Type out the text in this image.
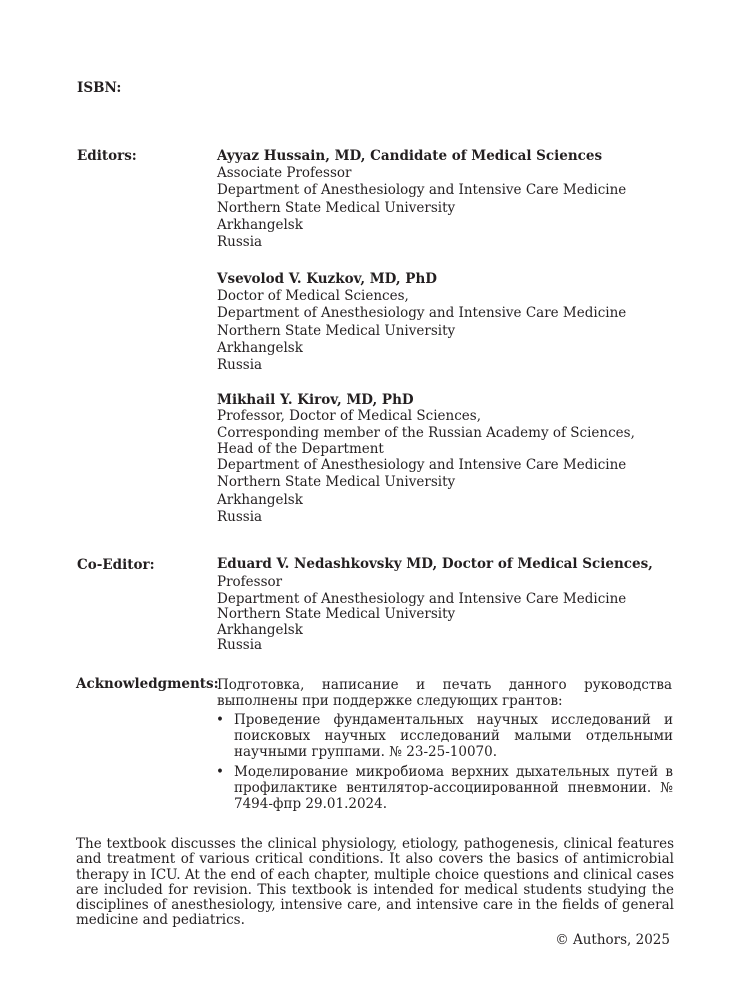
ISBN:
Editors:	Ayyaz Hussain, MD, Candidate of Medical Sciences
Associate Professor
Department of Anesthesiology and Intensive Care Medicine
Northern State Medical University
Arkhangelsk
Russia
Vsevolod V. Kuzkov, MD, PhD
Doctor of Medical Sciences,
Department of Anesthesiology and Intensive Care Medicine
Northern State Medical University
Arkhangelsk
Russia
Mikhail Y. Kirov, MD, PhD
Professor, Doctor of Medical Sciences,
Corresponding member of the Russian Academy of Sciences,
Head of the Department
Department of Anesthesiology and Intensive Care Medicine
Northern State Medical University
Arkhangelsk
Russia
Co-Editor:	Eduard V. Nedashkovsky MD, Doctor of Medical Sciences,
Professor
Department of Anesthesiology and Intensive Care Medicine
Northern State Medical University
Arkhangelsk
Russia
Acknowledgments:
Подготовка, написание и печать данного руководства выполнены при поддержке следующих грантов:
• Проведение фундаментальных научных исследований и поисковых научных исследований малыми отдельными научными группами. № 23-25-10070.
• Моделирование микробиома верхних дыхательных путей в профилактике вентилятор-ассоциированной пневмонии. № 7494-фпр 29.01.2024.
The textbook discusses the clinical physiology, etiology, pathogenesis, clinical features and treatment of various critical conditions. It also covers the basics of antimicrobial therapy in ICU. At the end of each chapter, multiple choice questions and clinical cases are included for revision. This textbook is intended for medical students studying the disciplines of anesthesiology, intensive care, and intensive care in the fields of general medicine and pediatrics.
© Authors, 2025
